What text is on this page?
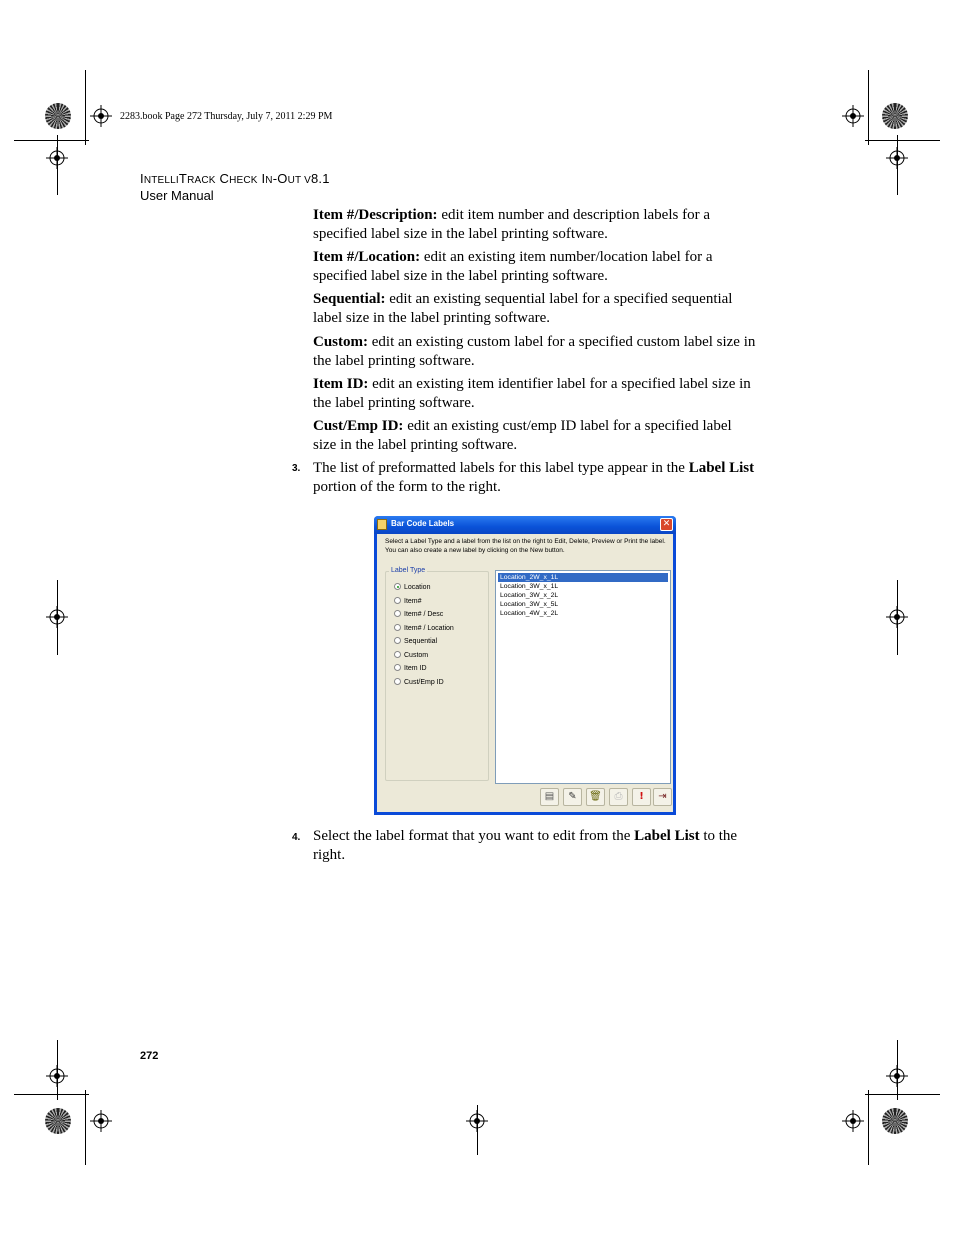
2283.book Page 272 Thursday, July 7, 2011 2:29 PM
INTELLITRACK CHECK IN-OUT V8.1
User Manual
Item #/Description: edit item number and description labels for a specified label size in the label printing software.
Item #/Location: edit an existing item number/location label for a specified label size in the label printing software.
Sequential: edit an existing sequential label for a specified sequential label size in the label printing software.
Custom: edit an existing custom label for a specified custom label size in the label printing software.
Item ID: edit an existing item identifier label for a specified label size in the label printing software.
Cust/Emp ID: edit an existing cust/emp ID label for a specified label size in the label printing software.
3. The list of preformatted labels for this label type appear in the Label List portion of the form to the right.
Bar Code Labels	✕
Select a Label Type and a label from the list on the right to Edit, Delete, Preview or Print the label. You can also create a new label by clicking on the New button.
Label Type
Location
Item#
Item# / Desc
Item# / Location
Sequential
Custom
Item ID
Cust/Emp ID
Location_2W_x_1L
Location_3W_x_1L
Location_3W_x_2L
Location_3W_x_5L
Location_4W_x_2L
▤	✎	🗑	⎙	!	⇥
4. Select the label format that you want to edit from the Label List to the right.
272
